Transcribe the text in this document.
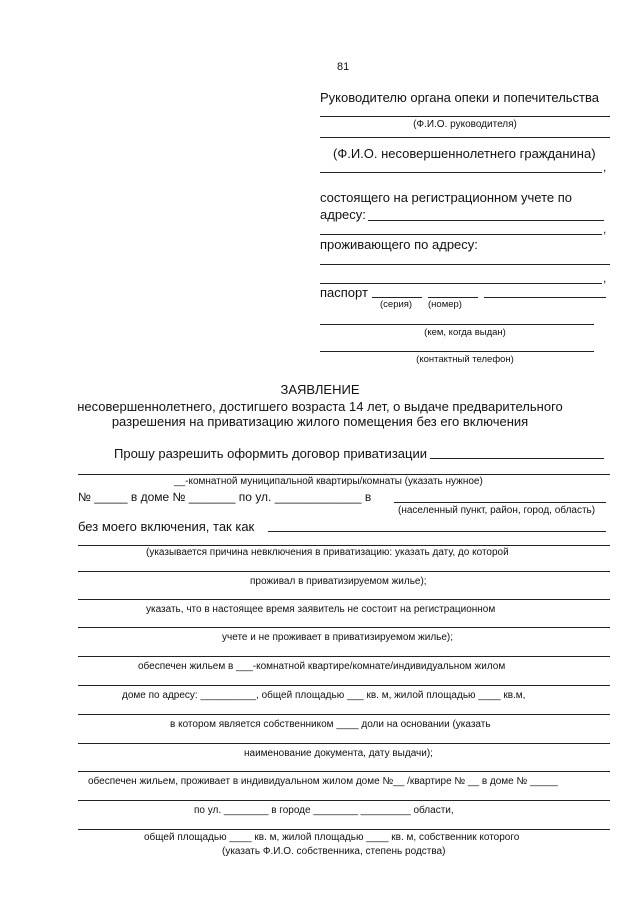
81
Руководителю органа опеки и попечительства
(Ф.И.О. руководителя)
(Ф.И.О. несовершеннолетнего гражданина)
,
состоящего на регистрационном учете по
адресу:
,
проживающего по адресу:
,
паспорт
(серия) (номер)
(кем, когда выдан)
(контактный телефон)
ЗАЯВЛЕНИЕ
несовершеннолетнего, достигшего возраста 14 лет, о выдаче предварительного
разрешения на приватизацию жилого помещения без его включения
Прошу разрешить оформить договор приватизации
__-комнатной муниципальной квартиры/комнаты (указать нужное)
№ _____ в доме № _______ по ул. _____________ в
(населенный пункт, район, город, область)
без моего включения, так как
(указывается причина невключения в приватизацию: указать дату, до которой
проживал в приватизируемом жилье);
указать, что в настоящее время заявитель не состоит на регистрационном
учете и не проживает в приватизируемом жилье);
обеспечен жильем в ___-комнатной квартире/комнате/индивидуальном жилом
доме по адресу: __________, общей площадью ___ кв. м, жилой площадью ____ кв.м,
в котором является собственником ____ доли на основании (указать
наименование документа, дату выдачи);
обеспечен жильем, проживает в индивидуальном жилом доме №__ /квартире № __ в доме № _____
по ул. ________ в городе ________ _________ области,
общей площадью ____ кв. м, жилой площадью ____ кв. м, собственник которого
(указать Ф.И.О. собственника, степень родства)
